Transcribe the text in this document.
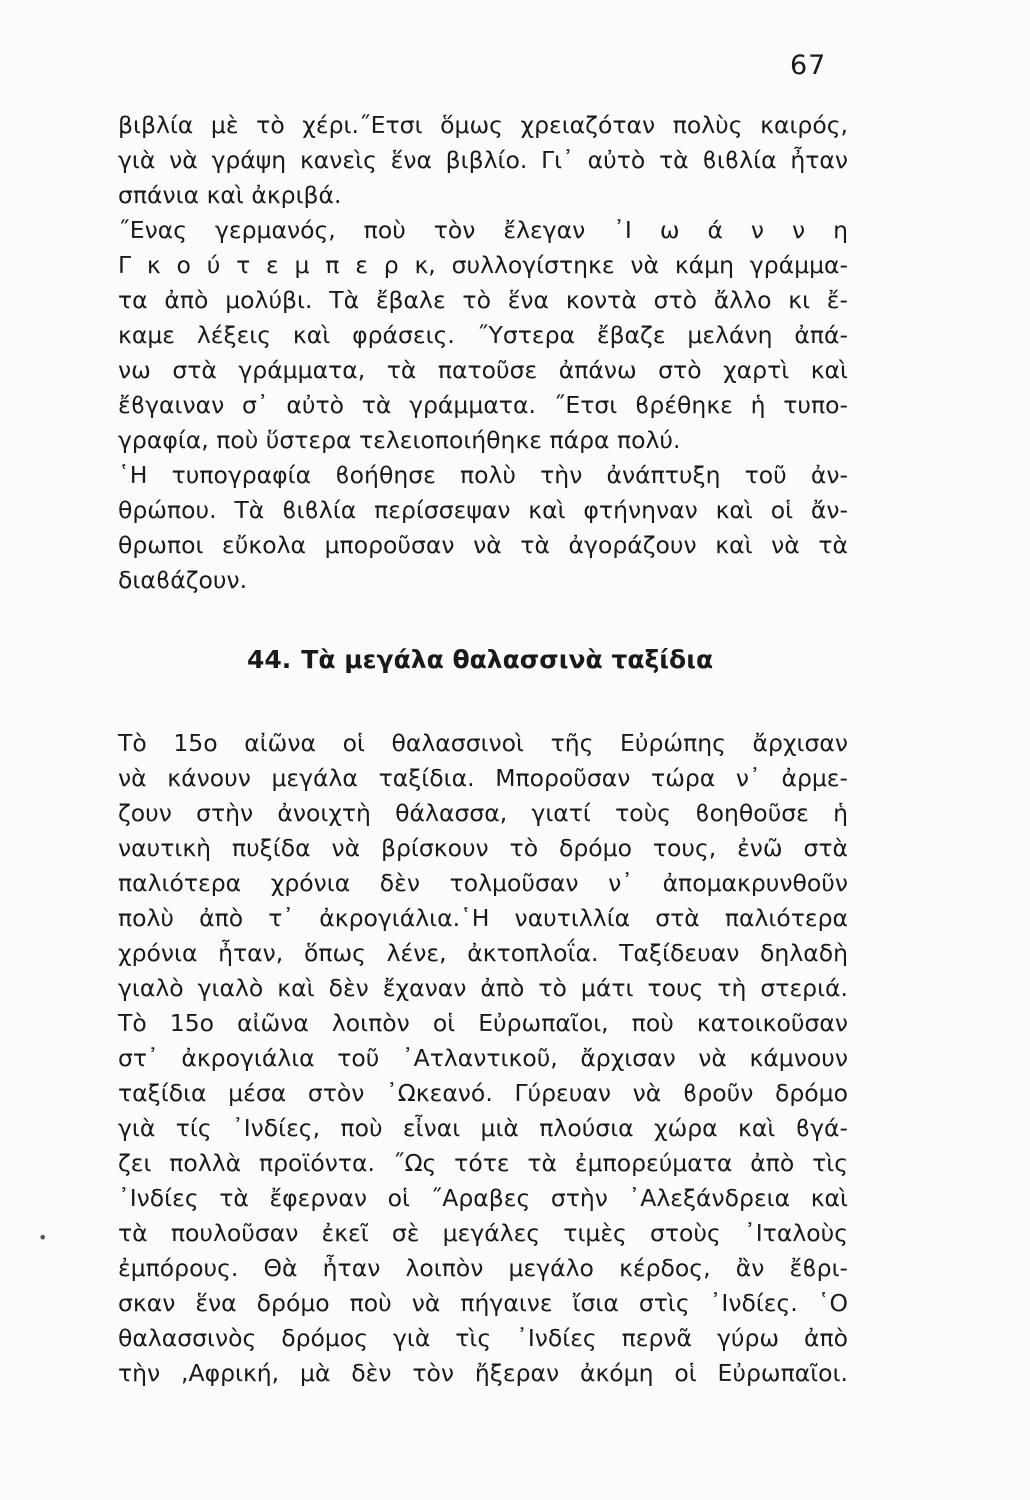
67
βιβλία μὲ τὸ χέρι.˝Ετσι ὅμως χρειαζόταν πολὺς καιρός,
γιὰ νὰ γράψη κανεὶς ἕνα βιβλίο. Γι᾽ αὐτὸ τὰ ϐιϐλία ἦταν
σπάνια καὶ ἀκριβά.
˝Ενας γερμανός, ποὺ τὸν ἔλεγαν ᾽Ι ω ά ν ν η
Γ κ ο ύ τ ε μ π ε ρ κ, συλλογίστηκε νὰ κάμη γράμμα-
τα ἀπὸ μολύβι. Τὰ ἔβαλε τὸ ἕνα κοντὰ στὸ ἄλλο κι ἔ-
καμε λέξεις καὶ φράσεις. ˝Υστερα ἔβαζε μελάνη ἀπά-
νω στὰ γράμματα, τὰ πατοῦσε ἀπάνω στὸ χαρτὶ καὶ
ἔϐγαιναν σ᾽ αὐτὸ τὰ γράμματα. ˝Ετσι ϐρέθηκε ἡ τυπο-
γραφία, ποὺ ὕστερα τελειοποιήθηκε πάρα πολύ.
῾Η τυπογραφία ϐοήθησε πολὺ τὴν ἀνάπτυξη τοῦ ἀν-
θρώπου. Τὰ ϐιϐλία περίσσεψαν καὶ φτήνηναν καὶ οἱ ἄν-
θρωποι εὔκολα μποροῦσαν νὰ τὰ ἀγοράζουν καὶ νὰ τὰ
διαϐάζουν.
44. Τὰ μεγάλα θαλασσινὰ ταξίδια
Τὸ 15ο αἰῶνα οἱ θαλασσινοὶ τῆς Εὐρώπης ἄρχισαν
νὰ κάνουν μεγάλα ταξίδια. Μποροῦσαν τώρα ν᾽ ἀρμε-
ζουν στὴν ἀνοιχτὴ θάλασσα, γιατί τοὺς ϐοηθοῦσε ἡ
ναυτικὴ πυξίδα νὰ βρίσκουν τὸ δρόμο τους, ἐνῶ στὰ
παλιότερα χρόνια δὲν τολμοῦσαν ν᾽ ἀπομακρυνθοῦν
πολὺ ἀπὸ τ᾽ ἀκρογιάλια.῾Η ναυτιλλία στὰ παλιότερα
χρόνια ἦταν, ὅπως λένε, ἀκτοπλοΐα. Ταξίδευαν δηλαδὴ
γιαλὸ γιαλὸ καὶ δὲν ἔχαναν ἀπὸ τὸ μάτι τους τὴ στεριά.
Τὸ 15ο αἰῶνα λοιπὸν οἱ Εὐρωπαῖοι, ποὺ κατοικοῦσαν
στ᾽ ἀκρογιάλια τοῦ ᾽Ατλαντικοῦ, ἄρχισαν νὰ κάμνουν
ταξίδια μέσα στὸν ᾽Ωκεανό. Γύρευαν νὰ ϐροῦν δρόμο
γιὰ τίς ᾽Ινδίες, ποὺ εἶναι μιὰ πλούσια χώρα καὶ ϐγά-
ζει πολλὰ προϊόντα. ˝Ως τότε τὰ ἐμπορεύματα ἀπὸ τὶς
᾽Ινδίες τὰ ἔφερναν οἱ ˝Αραβες στὴν ᾽Αλεξάνδρεια καὶ
τὰ πουλοῦσαν ἐκεῖ σὲ μεγάλες τιμὲς στοὺς ᾽Ιταλοὺς
ἐμπόρους. Θὰ ἦταν λοιπὸν μεγάλο κέρδος, ἂν ἔϐρι-
σκαν ἕνα δρόμο ποὺ νὰ πήγαινε ἴσια στὶς ᾽Ινδίες. ῾Ο
θαλασσινὸς δρόμος γιὰ τὶς ᾽Ινδίες περνᾶ γύρω ἀπὸ
τὴν ,Αφρική, μὰ δὲν τὸν ἤξεραν ἀκόμη οἱ Εὐρωπαῖοι.
•
